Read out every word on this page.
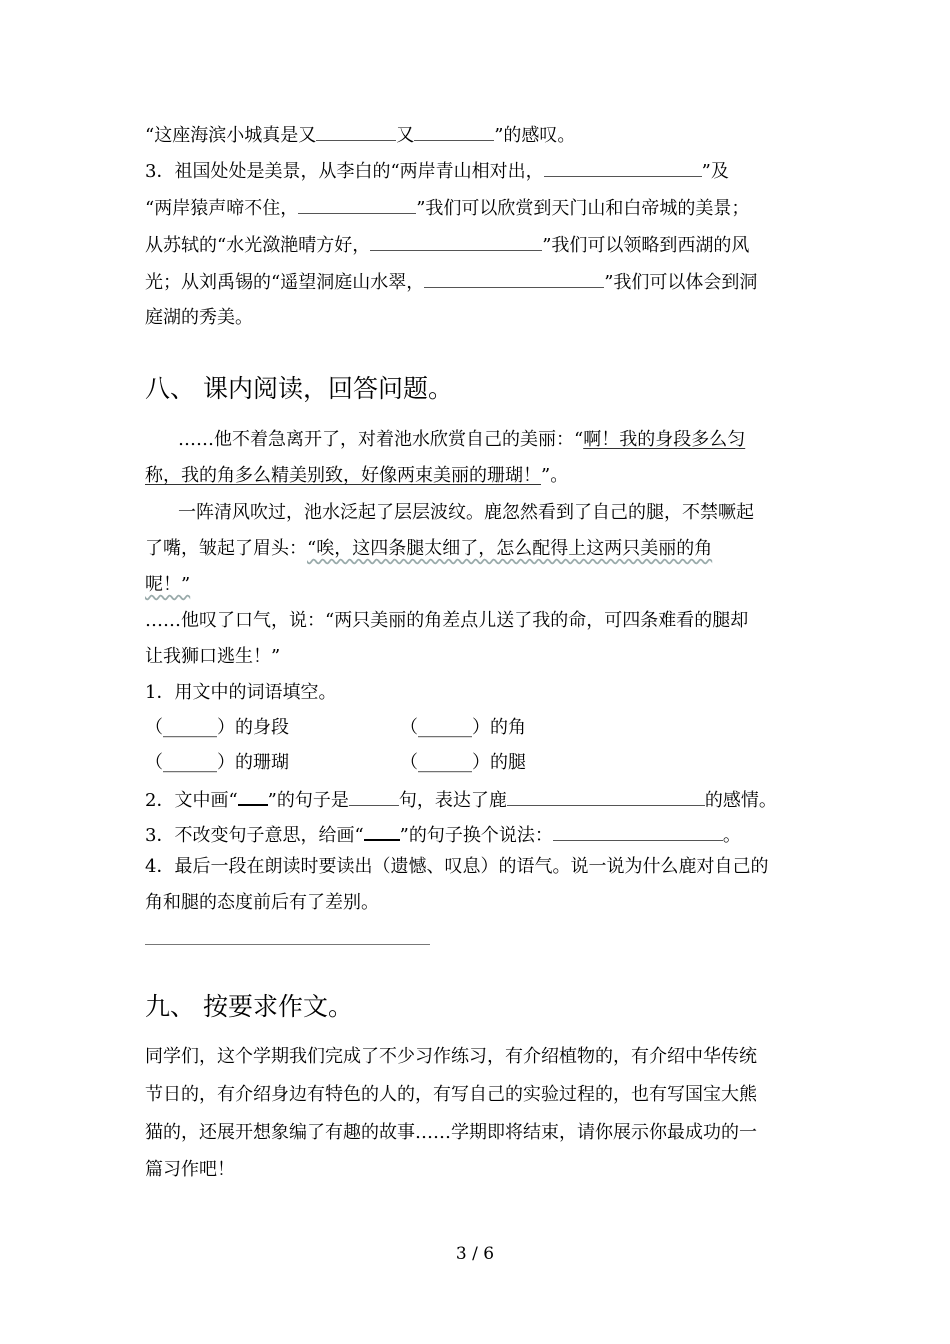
“这座海滨小城真是又	又	”的感叹。
3．祖国处处是美景，从李白的“两岸青山相对出，	”及
“两岸猿声啼不住，	”我们可以欣赏到天门山和白帝城的美景；
从苏轼的“水光潋滟晴方好，	”我们可以领略到西湖的风
光；从刘禹锡的“遥望洞庭山水翠，	”我们可以体会到洞
庭湖的秀美。
八、 课内阅读，回答问题。
……他不着急离开了，对着池水欣赏自己的美丽：“啊！我的身段多么匀
称，我的角多么精美别致，好像两束美丽的珊瑚！”。
一阵清风吹过，池水泛起了层层波纹。鹿忽然看到了自己的腿，不禁噘起
了嘴，皱起了眉头：“唉，这四条腿太细了，怎么配得上这两只美丽的角
呢！”
……他叹了口气，说：“两只美丽的角差点儿送了我的命，可四条难看的腿却
让我狮口逃生！”
1．用文中的词语填空。
（______）的身段	（______）的角
（______）的珊瑚	（______）的腿
2．文中画“ ”的句子是	句，表达了鹿	的感情。
3．不改变句子意思，给画“ ”的句子换个说法：	。
4．最后一段在朗读时要读出（遗憾、叹息）的语气。说一说为什么鹿对自己的
角和腿的态度前后有了差别。
九、 按要求作文。
同学们，这个学期我们完成了不少习作练习，有介绍植物的，有介绍中华传统
节日的，有介绍身边有特色的人的，有写自己的实验过程的，也有写国宝大熊
猫的，还展开想象编了有趣的故事……学期即将结束，请你展示你最成功的一
篇习作吧！
3 / 6
